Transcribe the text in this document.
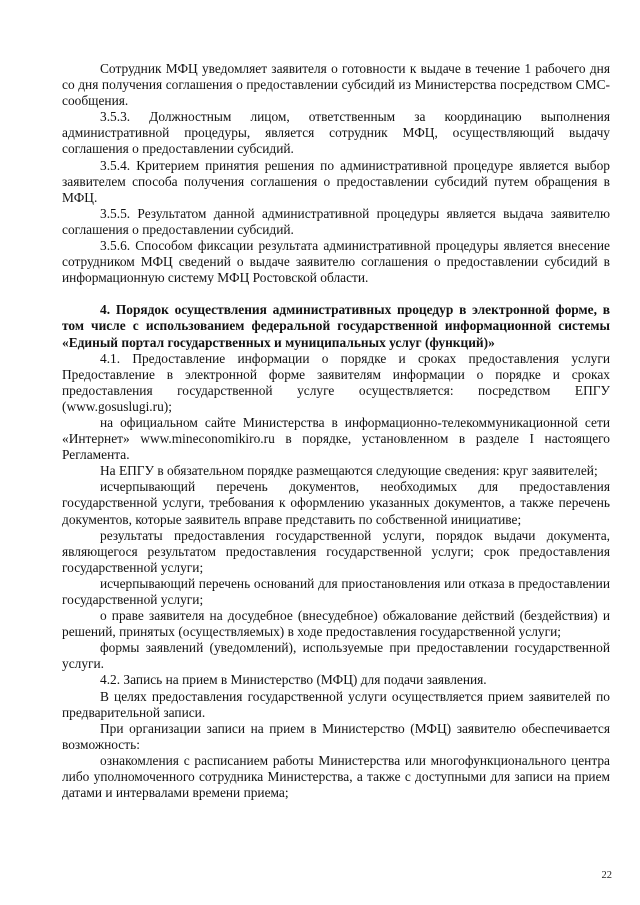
Сотрудник МФЦ уведомляет заявителя о готовности к выдаче в течение 1 рабочего дня со дня получения соглашения о предоставлении субсидий из Министерства посредством СМС-сообщения.

3.5.3. Должностным лицом, ответственным за координацию выполнения административной процедуры, является сотрудник МФЦ, осуществляющий выдачу соглашения о предоставлении субсидий.

3.5.4. Критерием принятия решения по административной процедуре является выбор заявителем способа получения соглашения о предоставлении субсидий путем обращения в МФЦ.

3.5.5. Результатом данной административной процедуры является выдача заявителю соглашения о предоставлении субсидий.

3.5.6. Способом фиксации результата административной процедуры является внесение сотрудником МФЦ сведений о выдаче заявителю соглашения о предоставлении субсидий в информационную систему МФЦ Ростовской области.

4. Порядок осуществления административных процедур в электронной форме, в том числе с использованием федеральной государственной информационной системы «Единый портал государственных и муниципальных услуг (функций)»

4.1. Предоставление информации о порядке и сроках предоставления услуги Предоставление в электронной форме заявителям информации о порядке и сроках предоставления государственной услуге осуществляется: посредством ЕПГУ (www.gosuslugi.ru);

на официальном сайте Министерства в информационно-телекоммуникационной сети «Интернет» www.mineconomikiro.ru в порядке, установленном в разделе I настоящего Регламента.

На ЕПГУ в обязательном порядке размещаются следующие сведения: круг заявителей;

исчерпывающий перечень документов, необходимых для предоставления государственной услуги, требования к оформлению указанных документов, а также перечень документов, которые заявитель вправе представить по собственной инициативе;

результаты предоставления государственной услуги, порядок выдачи документа, являющегося результатом предоставления государственной услуги; срок предоставления государственной услуги;

исчерпывающий перечень оснований для приостановления или отказа в предоставлении государственной услуги;

о праве заявителя на досудебное (внесудебное) обжалование действий (бездействия) и решений, принятых (осуществляемых) в ходе предоставления государственной услуги;

формы заявлений (уведомлений), используемые при предоставлении государственной услуги.

4.2. Запись на прием в Министерство (МФЦ) для подачи заявления.

В целях предоставления государственной услуги осуществляется прием заявителей по предварительной записи.

При организации записи на прием в Министерство (МФЦ) заявителю обеспечивается возможность:

ознакомления с расписанием работы Министерства или многофункционального центра либо уполномоченного сотрудника Министерства, а также с доступными для записи на прием датами и интервалами времени приема;

22
